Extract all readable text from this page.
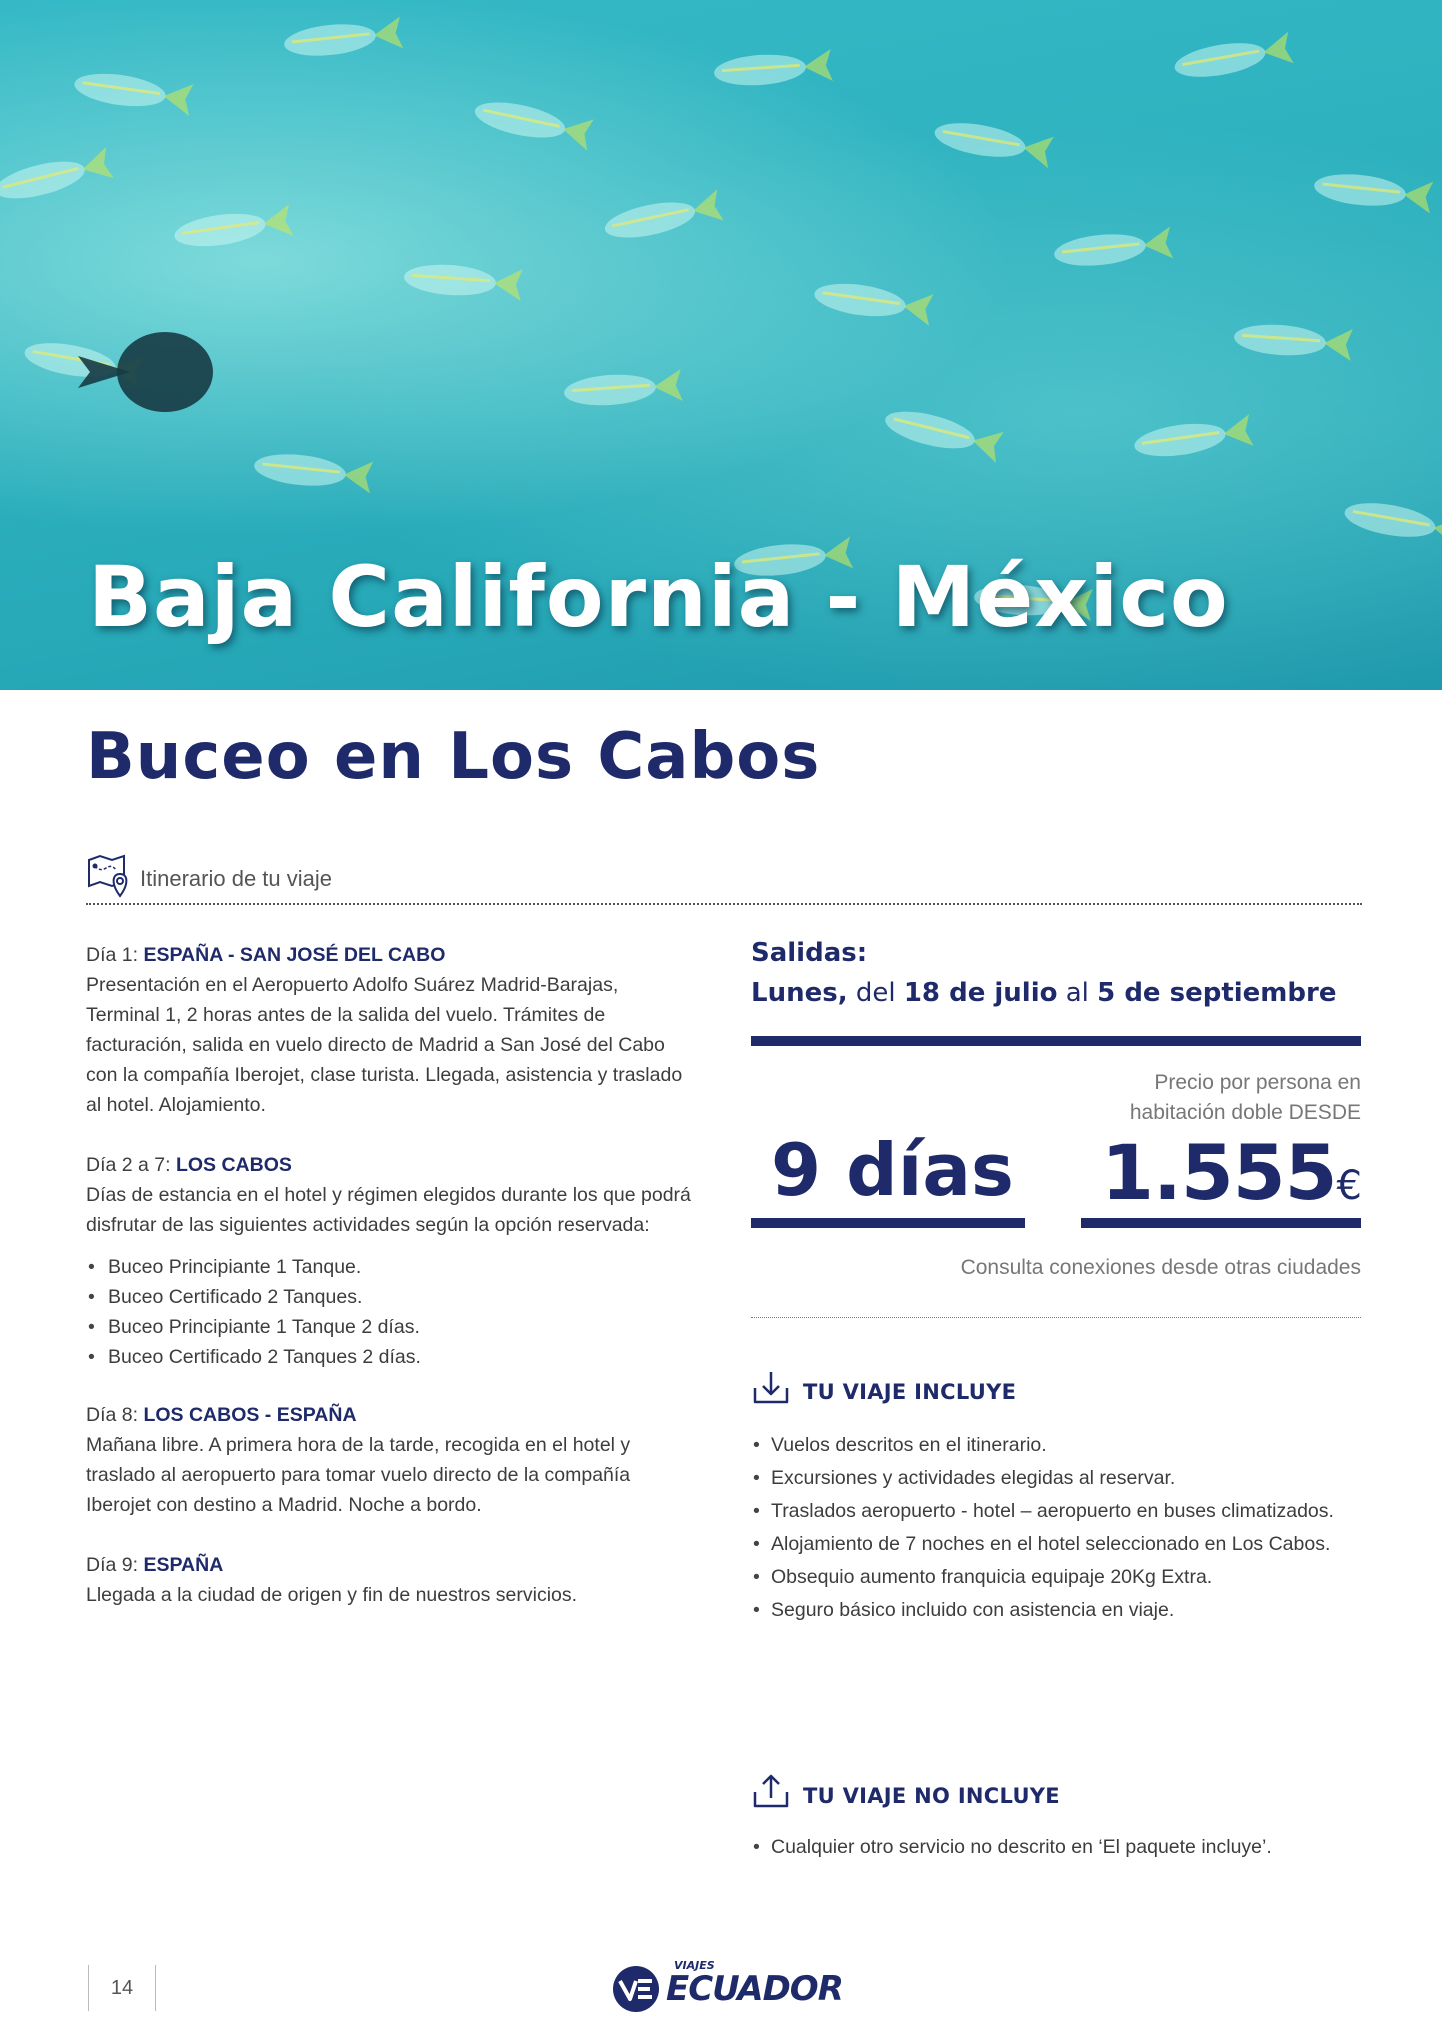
Baja California - México
Buceo en Los Cabos
Itinerario de tu viaje

Día 1: ESPAÑA - SAN JOSÉ DEL CABO

Presentación en el Aeropuerto Adolfo Suárez Madrid-Barajas, Terminal 1, 2 horas antes de la salida del vuelo. Trámites de facturación, salida en vuelo directo de Madrid a San José del Cabo con la compañía Iberojet, clase turista. Llegada, asistencia y traslado al hotel. Alojamiento.

Día 2 a 7: LOS CABOS

Días de estancia en el hotel y régimen elegidos durante los que podrá disfrutar de las siguientes actividades según la opción reservada:

• Buceo Principiante 1 Tanque.
• Buceo Certificado 2 Tanques.
• Buceo Principiante 1 Tanque 2 días.
• Buceo Certificado 2 Tanques 2 días.

Día 8: LOS CABOS - ESPAÑA

Mañana libre. A primera hora de la tarde, recogida en el hotel y traslado al aeropuerto para tomar vuelo directo de la compañía Iberojet con destino a Madrid. Noche a bordo.

Día 9: ESPAÑA

Llegada a la ciudad de origen y fin de nuestros servicios.

Salidas:

Lunes, del 18 de julio al 5 de septiembre

Precio por persona en
habitación doble DESDE
9 días 1.555€
Consulta conexiones desde otras ciudades
TU VIAJE INCLUYE
• Vuelos descritos en el itinerario.
• Excursiones y actividades elegidas al reservar.
• Traslados aeropuerto - hotel – aeropuerto en buses climatizados.
• Alojamiento de 7 noches en el hotel seleccionado en Los Cabos.
• Obsequio aumento franquicia equipaje 20Kg Extra.
• Seguro básico incluido con asistencia en viaje.
TU VIAJE NO INCLUYE
• Cualquier otro servicio no descrito en ‘El paquete incluye’.
14
VIAJES
ECUADOR
